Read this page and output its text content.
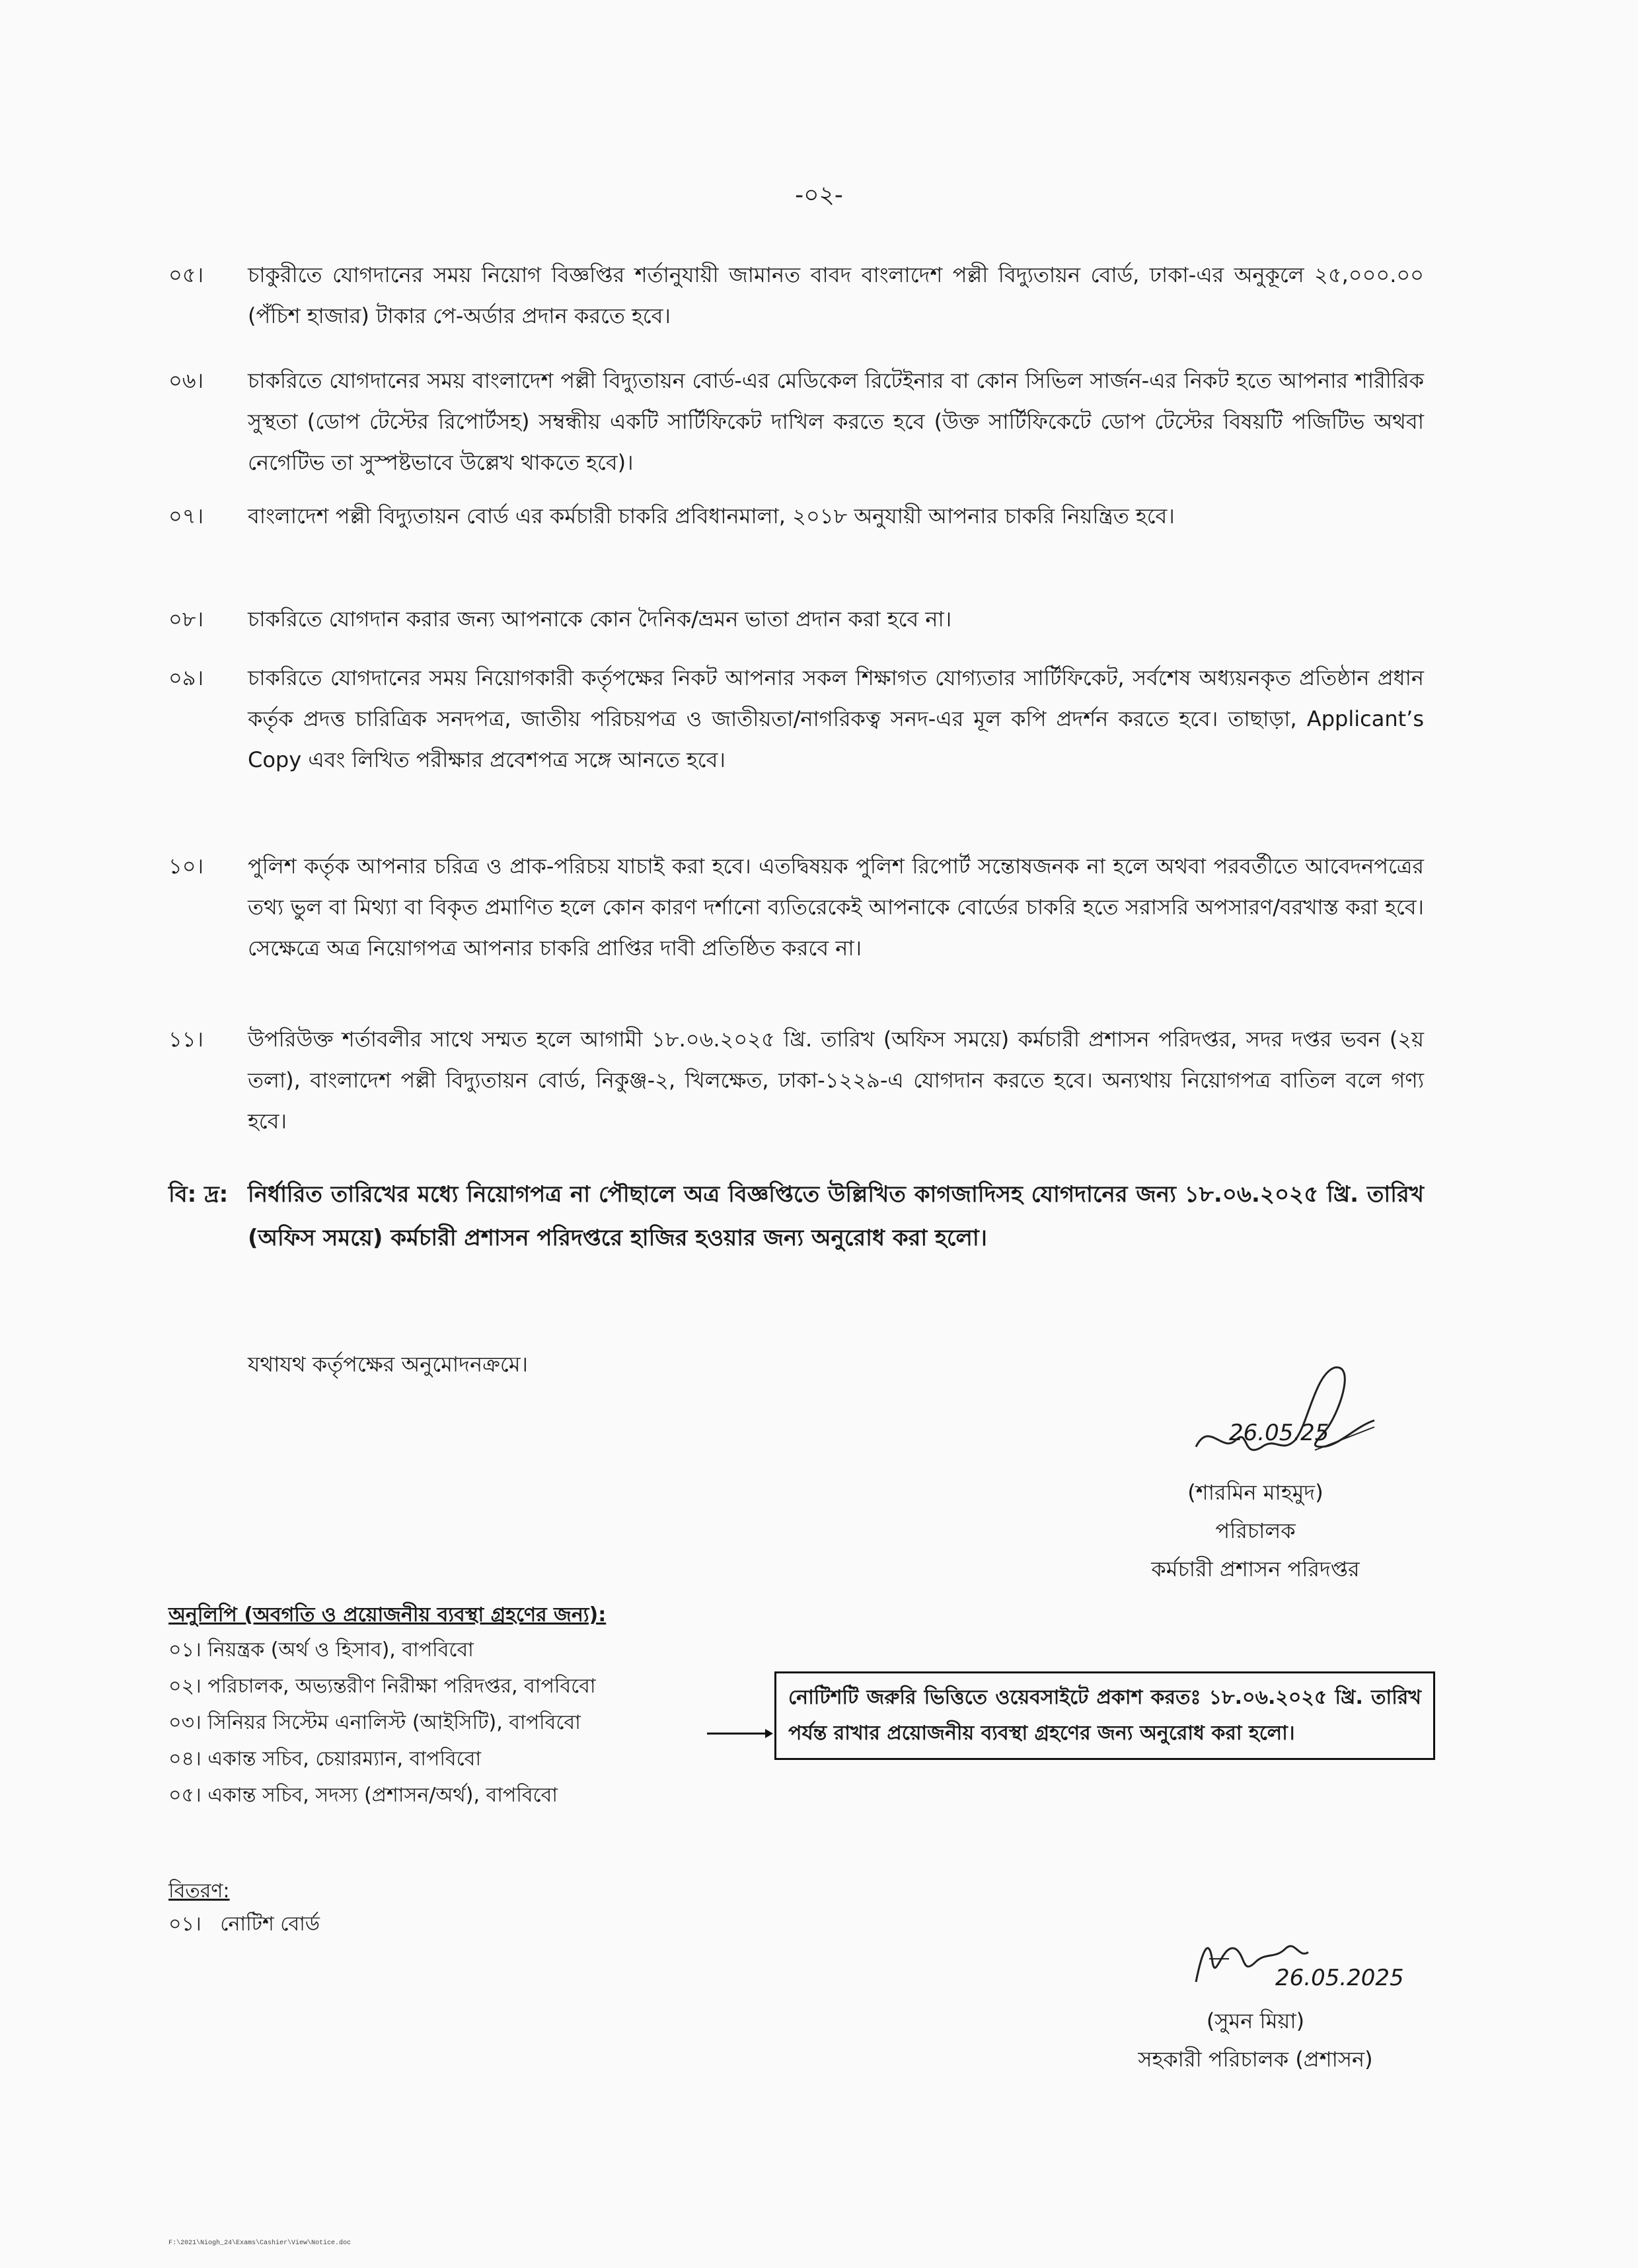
-০২-
০৫।	চাকুরীতে যোগদানের সময় নিয়োগ বিজ্ঞপ্তির শর্তানুযায়ী জামানত বাবদ বাংলাদেশ পল্লী বিদ্যুতায়ন বোর্ড, ঢাকা-এর অনুকূলে ২৫,০০০.০০ (পঁচিশ হাজার) টাকার পে-অর্ডার প্রদান করতে হবে।
০৬।	চাকরিতে যোগদানের সময় বাংলাদেশ পল্লী বিদ্যুতায়ন বোর্ড-এর মেডিকেল রিটেইনার বা কোন সিভিল সার্জন-এর নিকট হতে আপনার শারীরিক সুস্থতা (ডোপ টেস্টের রিপোর্টসহ) সম্বন্ধীয় একটি সার্টিফিকেট দাখিল করতে হবে (উক্ত সার্টিফিকেটে ডোপ টেস্টের বিষয়টি পজিটিভ অথবা নেগেটিভ তা সুস্পষ্টভাবে উল্লেখ থাকতে হবে)।
০৭।	বাংলাদেশ পল্লী বিদ্যুতায়ন বোর্ড এর কর্মচারী চাকরি প্রবিধানমালা, ২০১৮ অনুযায়ী আপনার চাকরি নিয়ন্ত্রিত হবে।
০৮।	চাকরিতে যোগদান করার জন্য আপনাকে কোন দৈনিক/ভ্রমন ভাতা প্রদান করা হবে না।
০৯।	চাকরিতে যোগদানের সময় নিয়োগকারী কর্তৃপক্ষের নিকট আপনার সকল শিক্ষাগত যোগ্যতার সার্টিফিকেট, সর্বশেষ অধ্যয়নকৃত প্রতিষ্ঠান প্রধান কর্তৃক প্রদত্ত চারিত্রিক সনদপত্র, জাতীয় পরিচয়পত্র ও জাতীয়তা/নাগরিকত্ব সনদ-এর মূল কপি প্রদর্শন করতে হবে। তাছাড়া, Applicant’s Copy এবং লিখিত পরীক্ষার প্রবেশপত্র সঙ্গে আনতে হবে।
১০।	পুলিশ কর্তৃক আপনার চরিত্র ও প্রাক-পরিচয় যাচাই করা হবে। এতদ্বিষয়ক পুলিশ রিপোর্ট সন্তোষজনক না হলে অথবা পরবর্তীতে আবেদনপত্রের তথ্য ভুল বা মিথ্যা বা বিকৃত প্রমাণিত হলে কোন কারণ দর্শানো ব্যতিরেকেই আপনাকে বোর্ডের চাকরি হতে সরাসরি অপসারণ/বরখাস্ত করা হবে। সেক্ষেত্রে অত্র নিয়োগপত্র আপনার চাকরি প্রাপ্তির দাবী প্রতিষ্ঠিত করবে না।
১১।	উপরিউক্ত শর্তাবলীর সাথে সম্মত হলে আগামী ১৮.০৬.২০২৫ খ্রি. তারিখ (অফিস সময়ে) কর্মচারী প্রশাসন পরিদপ্তর, সদর দপ্তর ভবন (২য় তলা), বাংলাদেশ পল্লী বিদ্যুতায়ন বোর্ড, নিকুঞ্জ-২, খিলক্ষেত, ঢাকা-১২২৯-এ যোগদান করতে হবে। অন্যথায় নিয়োগপত্র বাতিল বলে গণ্য হবে।
বি: দ্র: নির্ধারিত তারিখের মধ্যে নিয়োগপত্র না পৌছালে অত্র বিজ্ঞপ্তিতে উল্লিখিত কাগজাদিসহ যোগদানের জন্য ১৮.০৬.২০২৫ খ্রি. তারিখ (অফিস সময়ে) কর্মচারী প্রশাসন পরিদপ্তরে হাজির হওয়ার জন্য অনুরোধ করা হলো।
যথাযথ কর্তৃপক্ষের অনুমোদনক্রমে।
26.05.25
(শারমিন মাহমুদ)
পরিচালক
কর্মচারী প্রশাসন পরিদপ্তর
অনুলিপি (অবগতি ও প্রয়োজনীয় ব্যবস্থা গ্রহণের জন্য):
০১। নিয়ন্ত্রক (অর্থ ও হিসাব), বাপবিবো
০২। পরিচালক, অভ্যন্তরীণ নিরীক্ষা পরিদপ্তর, বাপবিবো
০৩। সিনিয়র সিস্টেম এনালিস্ট (আইসিটি), বাপবিবো
০৪। একান্ত সচিব, চেয়ারম্যান, বাপবিবো
০৫। একান্ত সচিব, সদস্য (প্রশাসন/অর্থ), বাপবিবো
নোটিশটি জরুরি ভিত্তিতে ওয়েবসাইটে প্রকাশ করতঃ ১৮.০৬.২০২৫ খ্রি. তারিখ পর্যন্ত রাখার প্রয়োজনীয় ব্যবস্থা গ্রহণের জন্য অনুরোধ করা হলো।
বিতরণ:
০১।   নোটিশ বোর্ড
26.05.2025
(সুমন মিয়া)
সহকারী পরিচালক (প্রশাসন)
F:\2021\Niogh_24\Exams\Cashier\View\Notice.doc
